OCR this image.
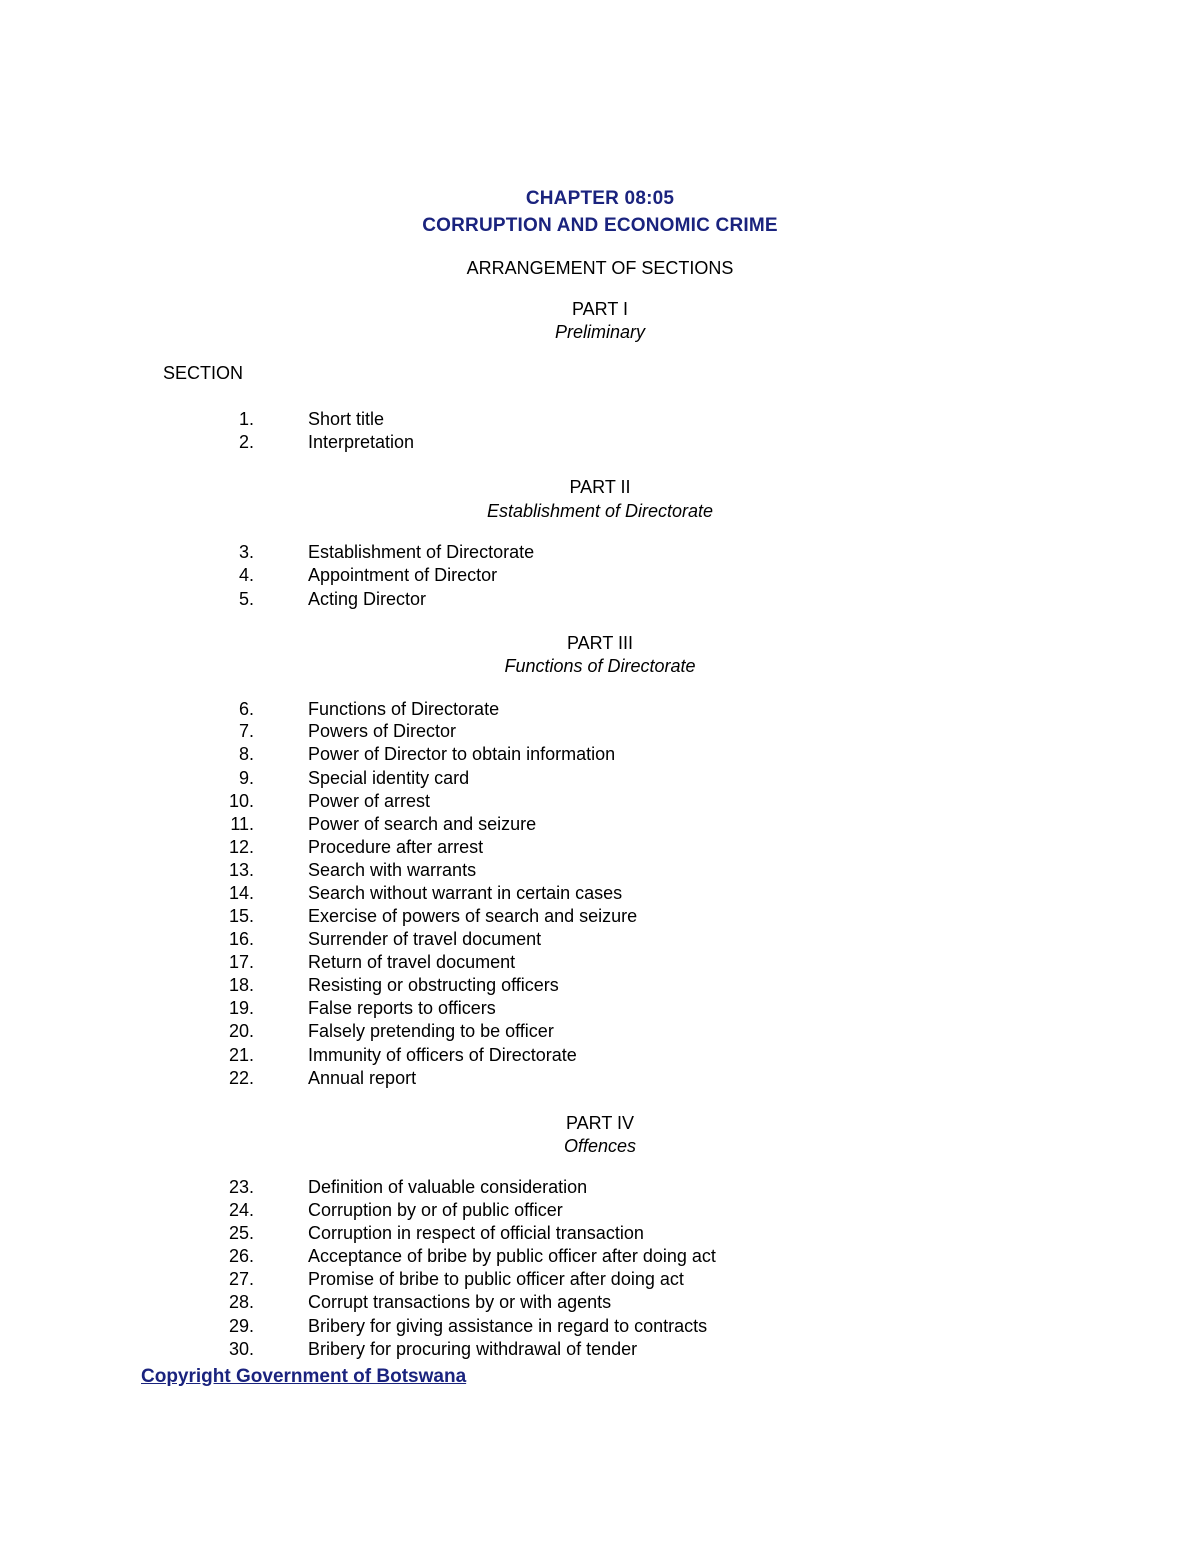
CHAPTER 08:05
CORRUPTION AND ECONOMIC CRIME
ARRANGEMENT OF SECTIONS
PART I
Preliminary
SECTION
1.	Short title
2.	Interpretation
PART II
Establishment of Directorate
3.	Establishment of Directorate
4.	Appointment of Director
5.	Acting Director
PART III
Functions of Directorate
6.	Functions of Directorate
7.	Powers of Director
8.	Power of Director to obtain information
9.	Special identity card
10.	Power of arrest
11.	Power of search and seizure
12.	Procedure after arrest
13.	Search with warrants
14.	Search without warrant in certain cases
15.	Exercise of powers of search and seizure
16.	Surrender of travel document
17.	Return of travel document
18.	Resisting or obstructing officers
19.	False reports to officers
20.	Falsely pretending to be officer
21.	Immunity of officers of Directorate
22.	Annual report
PART IV
Offences
23.	Definition of valuable consideration
24.	Corruption by or of public officer
25.	Corruption in respect of official transaction
26.	Acceptance of bribe by public officer after doing act
27.	Promise of bribe to public officer after doing act
28.	Corrupt transactions by or with agents
29.	Bribery for giving assistance in regard to contracts
30.	Bribery for procuring withdrawal of tender
Copyright Government of Botswana
